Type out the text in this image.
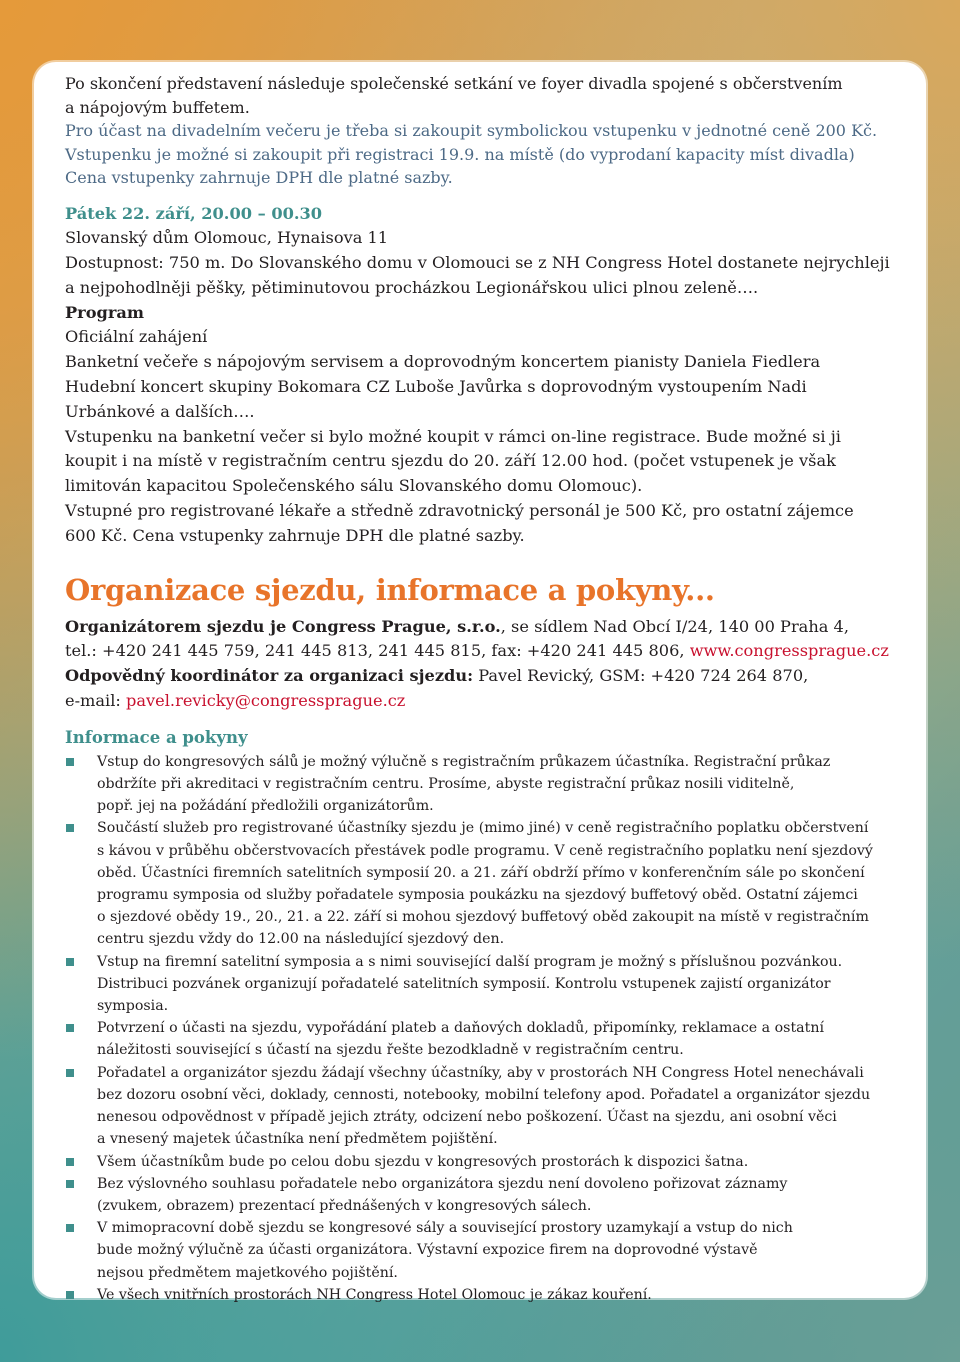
Po skončení představení následuje společenské setkání ve foyer divadla spojené s občerstvením
a nápojovým buffetem.
Pro účast na divadelním večeru je třeba si zakoupit symbolickou vstupenku v jednotné ceně 200 Kč.
Vstupenku je možné si zakoupit při registraci 19.9. na místě (do vyprodaní kapacity míst divadla)
Cena vstupenky zahrnuje DPH dle platné sazby.

Pátek 22. září, 20.00 – 00.30
Slovanský dům Olomouc, Hynaisova 11
Dostupnost: 750 m. Do Slovanského domu v Olomouci se z NH Congress Hotel dostanete nejrychleji
a nejpohodlněji pěšky, pětiminutovou procházkou Legionářskou ulici plnou zeleně….
Program
Oficiální zahájení
Banketní večeře s nápojovým servisem a doprovodným koncertem pianisty Daniela Fiedlera
Hudební koncert skupiny Bokomara CZ Luboše Javůrka s doprovodným vystoupením Nadi
Urbánkové a dalších….
Vstupenku na banketní večer si bylo možné koupit v rámci on-line registrace. Bude možné si ji
koupit i na místě v registračním centru sjezdu do 20. září 12.00 hod. (počet vstupenek je však
limitován kapacitou Společenského sálu Slovanského domu Olomouc).
Vstupné pro registrované lékaře a středně zdravotnický personál je 500 Kč, pro ostatní zájemce
600 Kč. Cena vstupenky zahrnuje DPH dle platné sazby.

Organizace sjezdu, informace a pokyny...

Organizátorem sjezdu je Congress Prague, s.r.o., se sídlem Nad Obcí I/24, 140 00 Praha 4,
tel.: +420 241 445 759, 241 445 813, 241 445 815, fax: +420 241 445 806, www.congressprague.cz
Odpovědný koordinátor za organizaci sjezdu: Pavel Revický, GSM: +420 724 264 870,
e-mail: pavel.revicky@congressprague.cz

Informace a pokyny
Vstup do kongresových sálů je možný výlučně s registračním průkazem účastníka. Registrační průkaz
obdržíte při akreditaci v registračním centru. Prosíme, abyste registrační průkaz nosili viditelně,
popř. jej na požádání předložili organizátorům.
Součástí služeb pro registrované účastníky sjezdu je (mimo jiné) v ceně registračního poplatku občerstvení
s kávou v průběhu občerstvovacích přestávek podle programu. V ceně registračního poplatku není sjezdový
oběd. Účastníci firemních satelitních symposií 20. a 21. září obdrží přímo v konferenčním sále po skončení
programu symposia od služby pořadatele symposia poukázku na sjezdový buffetový oběd. Ostatní zájemci
o sjezdové obědy 19., 20., 21. a 22. září si mohou sjezdový buffetový oběd zakoupit na místě v registračním
centru sjezdu vždy do 12.00 na následující sjezdový den.
Vstup na firemní satelitní symposia a s nimi související další program je možný s příslušnou pozvánkou.
Distribuci pozvánek organizují pořadatelé satelitních symposií. Kontrolu vstupenek zajistí organizátor symposia.
Potvrzení o účasti na sjezdu, vypořádání plateb a daňových dokladů, připomínky, reklamace a ostatní
náležitosti související s účastí na sjezdu řešte bezodkladně v registračním centru.
Pořadatel a organizátor sjezdu žádají všechny účastníky, aby v prostorách NH Congress Hotel nenechávali
bez dozoru osobní věci, doklady, cennosti, notebooky, mobilní telefony apod. Pořadatel a organizátor sjezdu
nenesou odpovědnost v případě jejich ztráty, odcizení nebo poškození. Účast na sjezdu, ani osobní věci
a vnesený majetek účastníka není předmětem pojištění.
Všem účastníkům bude po celou dobu sjezdu v kongresových prostorách k dispozici šatna.
Bez výslovného souhlasu pořadatele nebo organizátora sjezdu není dovoleno pořizovat záznamy
(zvukem, obrazem) prezentací přednášených v kongresových sálech.
V mimopracovní době sjezdu se kongresové sály a související prostory uzamykají a vstup do nich
bude možný výlučně za účasti organizátora. Výstavní expozice firem na doprovodné výstavě
nejsou předmětem majetkového pojištění.
Ve všech vnitřních prostorách NH Congress Hotel Olomouc je zákaz kouření.
